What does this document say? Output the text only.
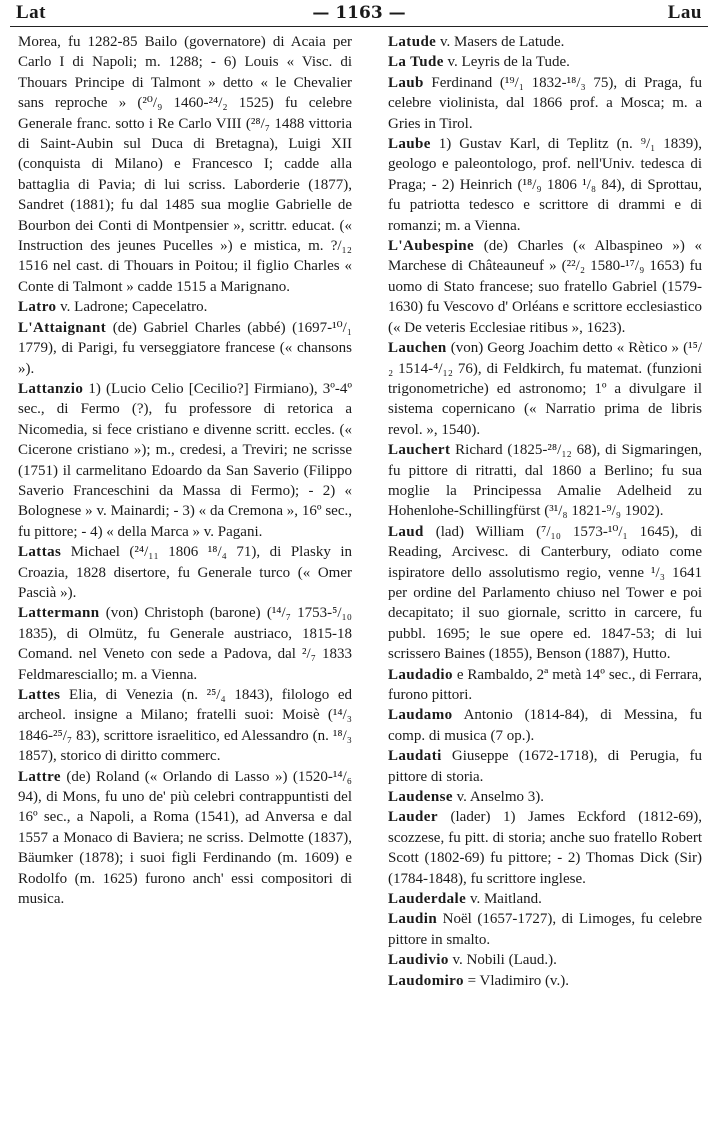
Lat	— 1163 —	Lau

Morea, fu 1282-85 Bailo (governatore) di Acaia per Carlo I di Napoli; m. 1288; - 6) Louis « Visc. di Thouars Principe di Talmont » detto « le Chevalier sans reproche » (²⁰/₉ 1460-²⁴/₂ 1525) fu celebre Generale franc. sotto i Re Carlo VIII (²⁸/₇ 1488 vittoria di Saint-Aubin sul Duca di Bretagna), Luigi XII (conquista di Milano) e Francesco I; cadde alla battaglia di Pavia; di lui scriss. Laborderie (1877), Sandret (1881); fu dal 1485 sua moglie Gabrielle de Bourbon dei Conti di Montpensier », scrittr. educat. (« Instruction des jeunes Pucelles ») e mistica, m. ?/₁₂ 1516 nel cast. di Thouars in Poitou; il figlio Charles « Conte di Talmont » cadde 1515 a Marignano.

Latro v. Ladrone; Capecelatro.

L'Attaignant (de) Gabriel Charles (abbé) (1697-¹⁰/₁ 1779), di Parigi, fu verseggiatore francese (« chansons »).

Lattanzio 1) (Lucio Celio [Cecilio?] Firmiano), 3º-4º sec., di Fermo (?), fu professore di retorica a Nicomedia, si fece cristiano e divenne scritt. eccles. (« Cicerone cristiano »); m., credesi, a Treviri; ne scrisse (1751) il carmelitano Edoardo da San Saverio (Filippo Saverio Franceschini da Massa di Fermo); - 2) « Bolognese » v. Mainardi; - 3) « da Cremona », 16º sec., fu pittore; - 4) « della Marca » v. Pagani.

Lattas Michael (²⁴/₁₁ 1806 ¹⁸/₄ 71), di Plasky in Croazia, 1828 disertore, fu Generale turco (« Omer Pascià »).

Lattermann (von) Christoph (barone) (¹⁴/₇ 1753-⁵/₁₀ 1835), di Olmütz, fu Generale austriaco, 1815-18 Comand. nel Veneto con sede a Padova, dal ²/₇ 1833 Feldmaresciallo; m. a Vienna.

Lattes Elia, di Venezia (n. ²⁵/₄ 1843), filologo ed archeol. insigne a Milano; fratelli suoi: Moisè (¹⁴/₃ 1846-²⁵/₇ 83), scrittore israelitico, ed Alessandro (n. ¹⁸/₃ 1857), storico di diritto commerc.

Lattre (de) Roland (« Orlando di Lasso ») (1520-¹⁴/₆ 94), di Mons, fu uno de' più celebri contrappuntisti del 16º sec., a Napoli, a Roma (1541), ad Anversa e dal 1557 a Monaco di Baviera; ne scriss. Delmotte (1837), Bäumker (1878); i suoi figli Ferdinando (m. 1609) e Rodolfo (m. 1625) furono anch' essi compositori di musica.

Latude v. Masers de Latude.

La Tude v. Leyris de la Tude.

Laub Ferdinand (¹⁹/₁ 1832-¹⁸/₃ 75), di Praga, fu celebre violinista, dal 1866 prof. a Mosca; m. a Gries in Tirol.

Laube 1) Gustav Karl, di Teplitz (n. ⁹/₁ 1839), geologo e paleontologo, prof. nell'Univ. tedesca di Praga; - 2) Heinrich (¹⁸/₉ 1806 ¹/₈ 84), di Sprottau, fu patriotta tedesco e scrittore di drammi e di romanzi; m. a Vienna.

L'Aubespine (de) Charles (« Albaspineo ») « Marchese di Châteauneuf » (²²/₂ 1580-¹⁷/₉ 1653) fu uomo di Stato francese; suo fratello Gabriel (1579-1630) fu Vescovo d' Orléans e scrittore ecclesiastico (« De veteris Ecclesiae ritibus », 1623).

Lauchen (von) Georg Joachim detto « Rètico » (¹⁵/₂ 1514-⁴/₁₂ 76), di Feldkirch, fu matemat. (funzioni trigonometriche) ed astronomo; 1º a divulgare il sistema copernicano (« Narratio prima de libris revol. », 1540).

Lauchert Richard (1825-²⁸/₁₂ 68), di Sigmaringen, fu pittore di ritratti, dal 1860 a Berlino; fu sua moglie la Principessa Amalie Adelheid zu Hohenlohe-Schillingfürst (³¹/₈ 1821-⁹/₉ 1902).

Laud (lad) William (⁷/₁₀ 1573-¹⁰/₁ 1645), di Reading, Arcivesc. di Canterbury, odiato come ispiratore dello assolutismo regio, venne ¹/₃ 1641 per ordine del Parlamento chiuso nel Tower e poi decapitato; il suo giornale, scritto in carcere, fu pubbl. 1695; le sue opere ed. 1847-53; di lui scrissero Baines (1855), Benson (1887), Hutto.

Laudadio e Rambaldo, 2ª metà 14º sec., di Ferrara, furono pittori.

Laudamo Antonio (1814-84), di Messina, fu comp. di musica (7 op.).

Laudati Giuseppe (1672-1718), di Perugia, fu pittore di storia.

Laudense v. Anselmo 3).

Lauder (lader) 1) James Eckford (1812-69), scozzese, fu pitt. di storia; anche suo fratello Robert Scott (1802-69) fu pittore; - 2) Thomas Dick (Sir) (1784-1848), fu scrittore inglese.

Lauderdale v. Maitland.

Laudin Noël (1657-1727), di Limoges, fu celebre pittore in smalto.

Laudivio v. Nobili (Laud.).

Laudomiro = Vladimiro (v.).
